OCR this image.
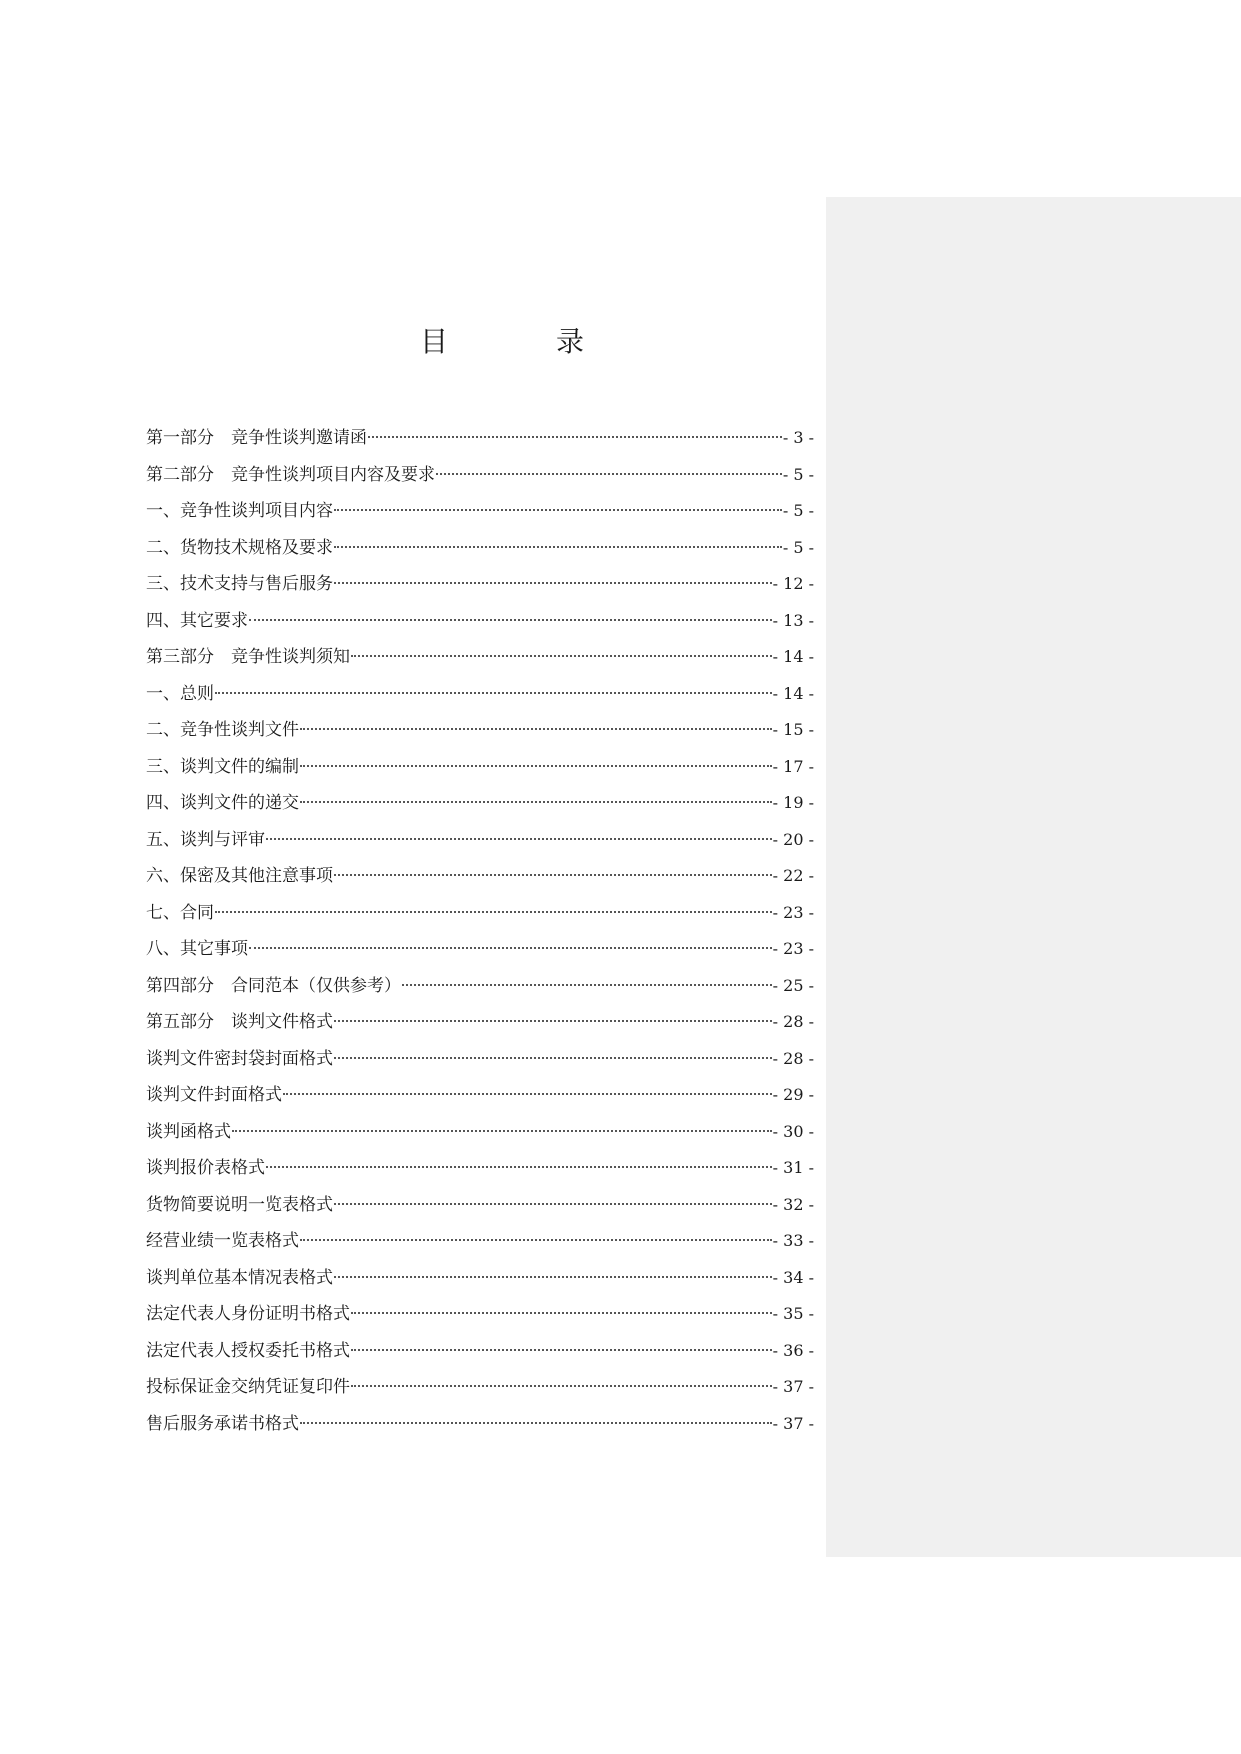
目　录
第一部分　竞争性谈判邀请函	- 3 -
第二部分　竞争性谈判项目内容及要求	- 5 -
一、竞争性谈判项目内容	- 5 -
二、货物技术规格及要求	- 5 -
三、技术支持与售后服务	- 12 -
四、其它要求	- 13 -
第三部分　竞争性谈判须知	- 14 -
一、总则	- 14 -
二、竞争性谈判文件	- 15 -
三、谈判文件的编制	- 17 -
四、谈判文件的递交	- 19 -
五、谈判与评审	- 20 -
六、保密及其他注意事项	- 22 -
七、合同	- 23 -
八、其它事项	- 23 -
第四部分　合同范本（仅供参考）	- 25 -
第五部分　谈判文件格式	- 28 -
谈判文件密封袋封面格式	- 28 -
谈判文件封面格式	- 29 -
谈判函格式	- 30 -
谈判报价表格式	- 31 -
货物简要说明一览表格式	- 32 -
经营业绩一览表格式	- 33 -
谈判单位基本情况表格式	- 34 -
法定代表人身份证明书格式	- 35 -
法定代表人授权委托书格式	- 36 -
投标保证金交纳凭证复印件	- 37 -
售后服务承诺书格式	- 37 -
